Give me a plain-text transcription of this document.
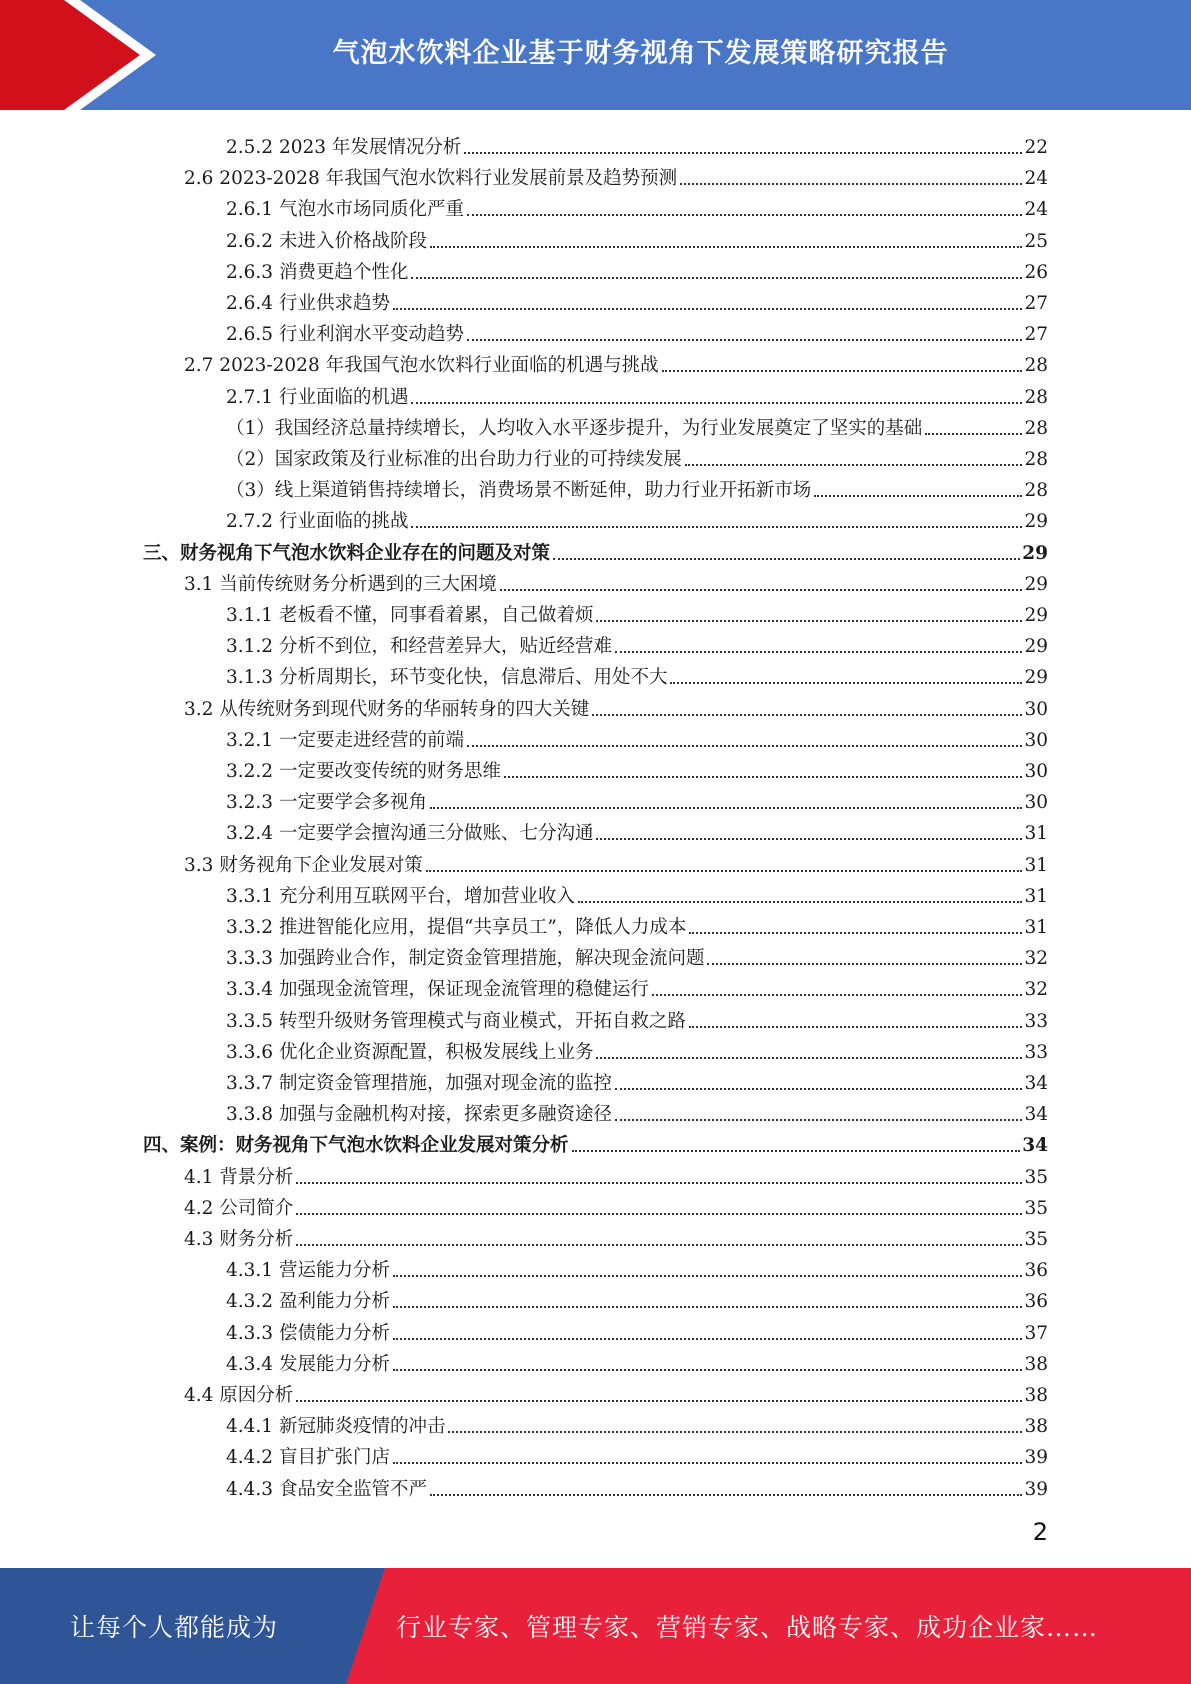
气泡水饮料企业基于财务视角下发展策略研究报告
2.5.2 2023 年发展情况分析	22
2.6 2023-2028 年我国气泡水饮料行业发展前景及趋势预测	24
2.6.1 气泡水市场同质化严重	24
2.6.2 未进入价格战阶段	25
2.6.3 消费更趋个性化	26
2.6.4 行业供求趋势	27
2.6.5 行业利润水平变动趋势	27
2.7 2023-2028 年我国气泡水饮料行业面临的机遇与挑战	28
2.7.1 行业面临的机遇	28
（1）我国经济总量持续增长，人均收入水平逐步提升，为行业发展奠定了坚实的基础	28
（2）国家政策及行业标准的出台助力行业的可持续发展	28
（3）线上渠道销售持续增长，消费场景不断延伸，助力行业开拓新市场	28
2.7.2 行业面临的挑战	29
三、财务视角下气泡水饮料企业存在的问题及对策	29
3.1 当前传统财务分析遇到的三大困境	29
3.1.1 老板看不懂，同事看着累，自己做着烦	29
3.1.2 分析不到位，和经营差异大，贴近经营难	29
3.1.3 分析周期长，环节变化快，信息滞后、用处不大	29
3.2 从传统财务到现代财务的华丽转身的四大关键	30
3.2.1 一定要走进经营的前端	30
3.2.2 一定要改变传统的财务思维	30
3.2.3 一定要学会多视角	30
3.2.4 一定要学会擅沟通三分做账、七分沟通	31
3.3 财务视角下企业发展对策	31
3.3.1 充分利用互联网平台，增加营业收入	31
3.3.2 推进智能化应用，提倡“共享员工”，降低人力成本	31
3.3.3 加强跨业合作，制定资金管理措施，解决现金流问题	32
3.3.4 加强现金流管理，保证现金流管理的稳健运行	32
3.3.5 转型升级财务管理模式与商业模式，开拓自救之路	33
3.3.6 优化企业资源配置，积极发展线上业务	33
3.3.7 制定资金管理措施，加强对现金流的监控	34
3.3.8 加强与金融机构对接，探索更多融资途径	34
四、案例：财务视角下气泡水饮料企业发展对策分析	34
4.1 背景分析	35
4.2 公司简介	35
4.3 财务分析	35
4.3.1 营运能力分析	36
4.3.2 盈利能力分析	36
4.3.3 偿债能力分析	37
4.3.4 发展能力分析	38
4.4 原因分析	38
4.4.1 新冠肺炎疫情的冲击	38
4.4.2 盲目扩张门店	39
4.4.3 食品安全监管不严	39
2
让每个人都能成为	行业专家、管理专家、营销专家、战略专家、成功企业家……
